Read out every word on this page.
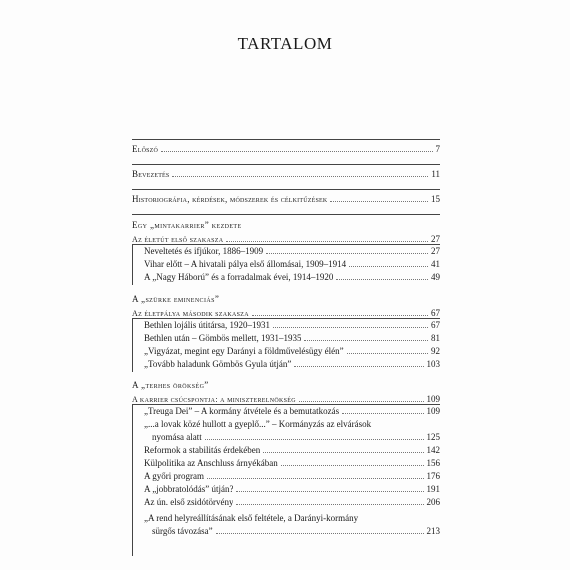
TARTALOM
Előszó	7
Bevezetés	11
Historiográfia, kérdések, módszerek és célkitűzések	15
Egy „mintakarrier” kezdete
Az életút első szakasza	27
Neveltetés és ifjúkor, 1886–1909	27
Vihar előtt – A hivatali pálya első állomásai, 1909–1914	41
A „Nagy Háború” és a forradalmak évei, 1914–1920	49
A „szürke eminenciás”
Az életpálya második szakasza	67
Bethlen lojális útitársa, 1920–1931	67
Bethlen után – Gömbös mellett, 1931–1935	81
„Vigyázat, megint egy Darányi a földművelésügy élén”	92
„Tovább haladunk Gömbös Gyula útján”	103
A „terhes örökség”
A karrier csúcspontja: a miniszterelnökség	109
„Treuga Dei” – A kormány átvétele és a bemutatkozás	109
„...a lovak közé hullott a gyeplő...” – Kormányzás az elvárások
nyomása alatt	125
Reformok a stabilitás érdekében	142
Külpolitika az Anschluss árnyékában	156
A győri program	176
A „jobbratolódás” útján?	191
Az ún. első zsidótörvény	206
„A rend helyreállításának első feltétele, a Darányi-kormány
sürgős távozása”	213
